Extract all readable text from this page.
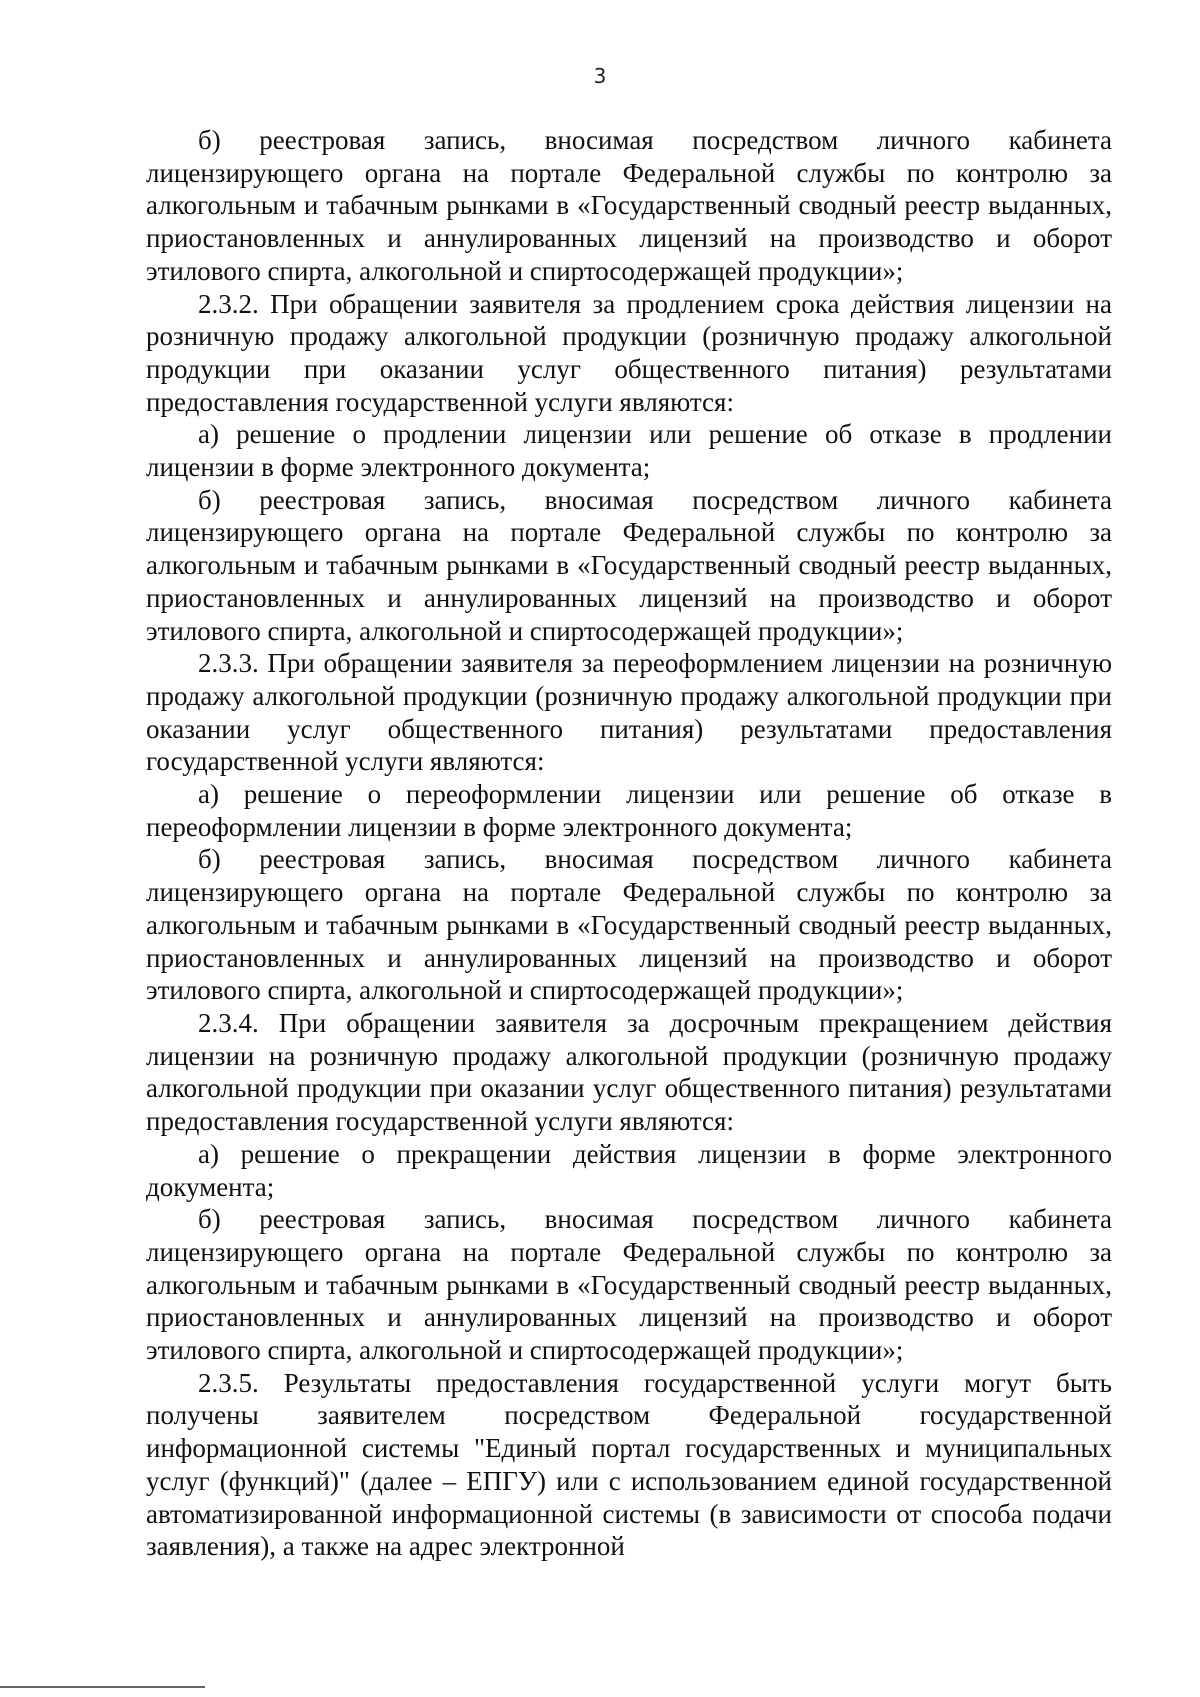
3

б) реестровая запись, вносимая посредством личного кабинета лицензирующего органа на портале Федеральной службы по контролю за алкогольным и табачным рынками в «Государственный сводный реестр выданных, приостановленных и аннулированных лицензий на производство и оборот этилового спирта, алкогольной и спиртосодержащей продукции»;

2.3.2. При обращении заявителя за продлением срока действия лицензии на розничную продажу алкогольной продукции (розничную продажу алкогольной продукции при оказании услуг общественного питания) результатами предоставления государственной услуги являются:

а) решение о продлении лицензии или решение об отказе в продлении лицензии в форме электронного документа;

б) реестровая запись, вносимая посредством личного кабинета лицензирующего органа на портале Федеральной службы по контролю за алкогольным и табачным рынками в «Государственный сводный реестр выданных, приостановленных и аннулированных лицензий на производство и оборот этилового спирта, алкогольной и спиртосодержащей продукции»;

2.3.3. При обращении заявителя за переоформлением лицензии на розничную продажу алкогольной продукции (розничную продажу алкогольной продукции при оказании услуг общественного питания) результатами предоставления государственной услуги являются:

а) решение о переоформлении лицензии или решение об отказе в переоформлении лицензии в форме электронного документа;

б) реестровая запись, вносимая посредством личного кабинета лицензирующего органа на портале Федеральной службы по контролю за алкогольным и табачным рынками в «Государственный сводный реестр выданных, приостановленных и аннулированных лицензий на производство и оборот этилового спирта, алкогольной и спиртосодержащей продукции»;

2.3.4. При обращении заявителя за досрочным прекращением действия лицензии на розничную продажу алкогольной продукции (розничную продажу алкогольной продукции при оказании услуг общественного питания) результатами предоставления государственной услуги являются:

а) решение о прекращении действия лицензии в форме электронного документа;

б) реестровая запись, вносимая посредством личного кабинета лицензирующего органа на портале Федеральной службы по контролю за алкогольным и табачным рынками в «Государственный сводный реестр выданных, приостановленных и аннулированных лицензий на производство и оборот этилового спирта, алкогольной и спиртосодержащей продукции»;

2.3.5. Результаты предоставления государственной услуги могут быть получены заявителем посредством Федеральной государственной информационной системы "Единый портал государственных и муниципальных услуг (функций)" (далее – ЕПГУ) или с использованием единой государственной автоматизированной информационной системы (в зависимости от способа подачи заявления), а также на адрес электронной
